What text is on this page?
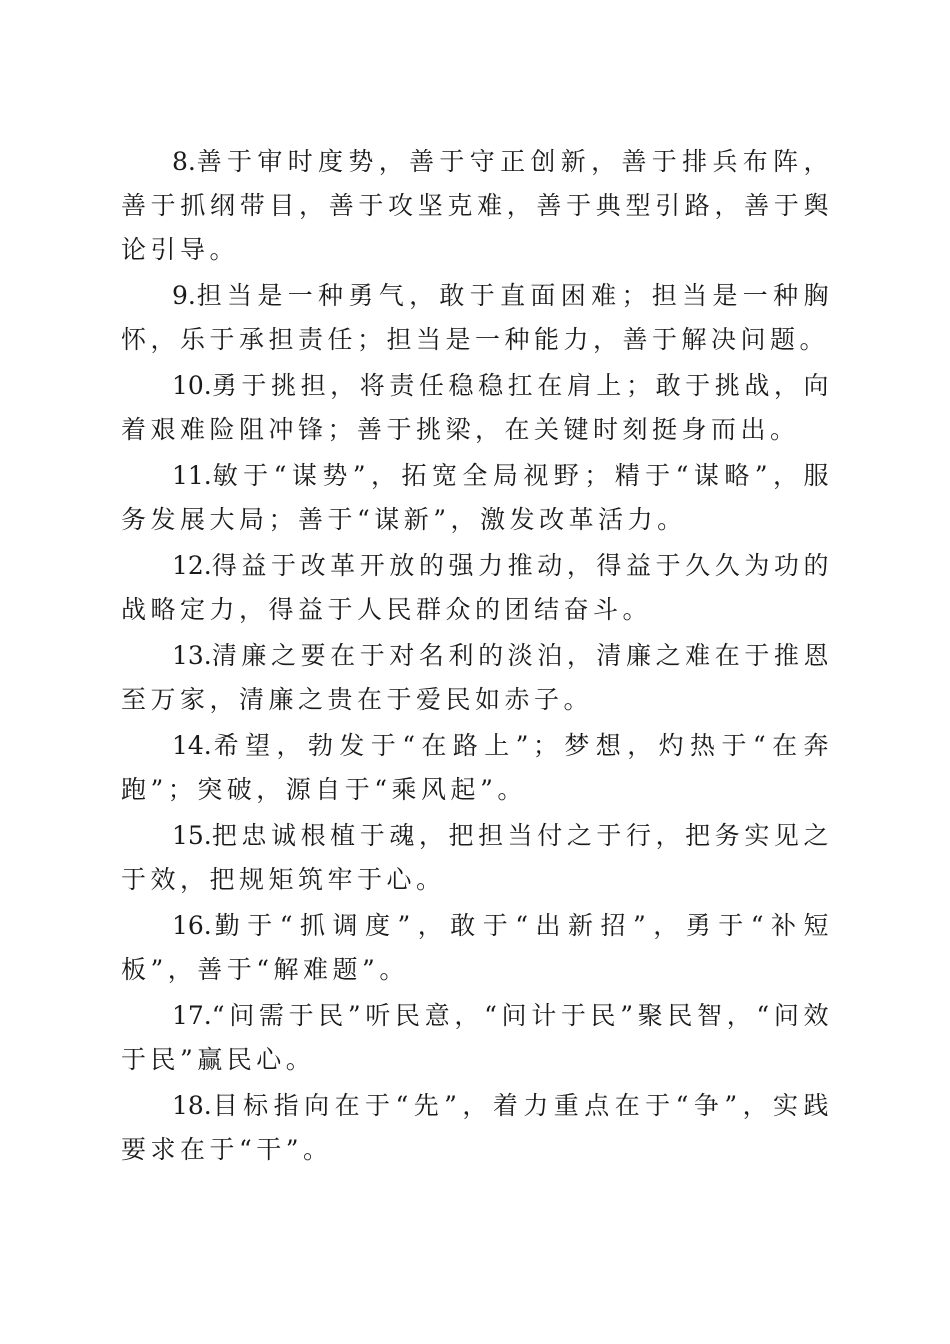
8.善于审时度势，善于守正创新，善于排兵布阵，善于抓纲带目，善于攻坚克难，善于典型引路，善于舆论引导。

9.担当是一种勇气，敢于直面困难；担当是一种胸怀，乐于承担责任；担当是一种能力，善于解决问题。

10.勇于挑担，将责任稳稳扛在肩上；敢于挑战，向着艰难险阻冲锋；善于挑梁，在关键时刻挺身而出。

11.敏于“谋势”，拓宽全局视野；精于“谋略”，服务发展大局；善于“谋新”，激发改革活力。

12.得益于改革开放的强力推动，得益于久久为功的战略定力，得益于人民群众的团结奋斗。

13.清廉之要在于对名利的淡泊，清廉之难在于推恩至万家，清廉之贵在于爱民如赤子。

14.希望，勃发于“在路上”；梦想，灼热于“在奔跑”；突破，源自于“乘风起”。

15.把忠诚根植于魂，把担当付之于行，把务实见之于效，把规矩筑牢于心。

16.勤于“抓调度”，敢于“出新招”，勇于“补短板”，善于“解难题”。

17.“问需于民”听民意，“问计于民”聚民智，“问效于民”赢民心。

18.目标指向在于“先”，着力重点在于“争”，实践要求在于“干”。
